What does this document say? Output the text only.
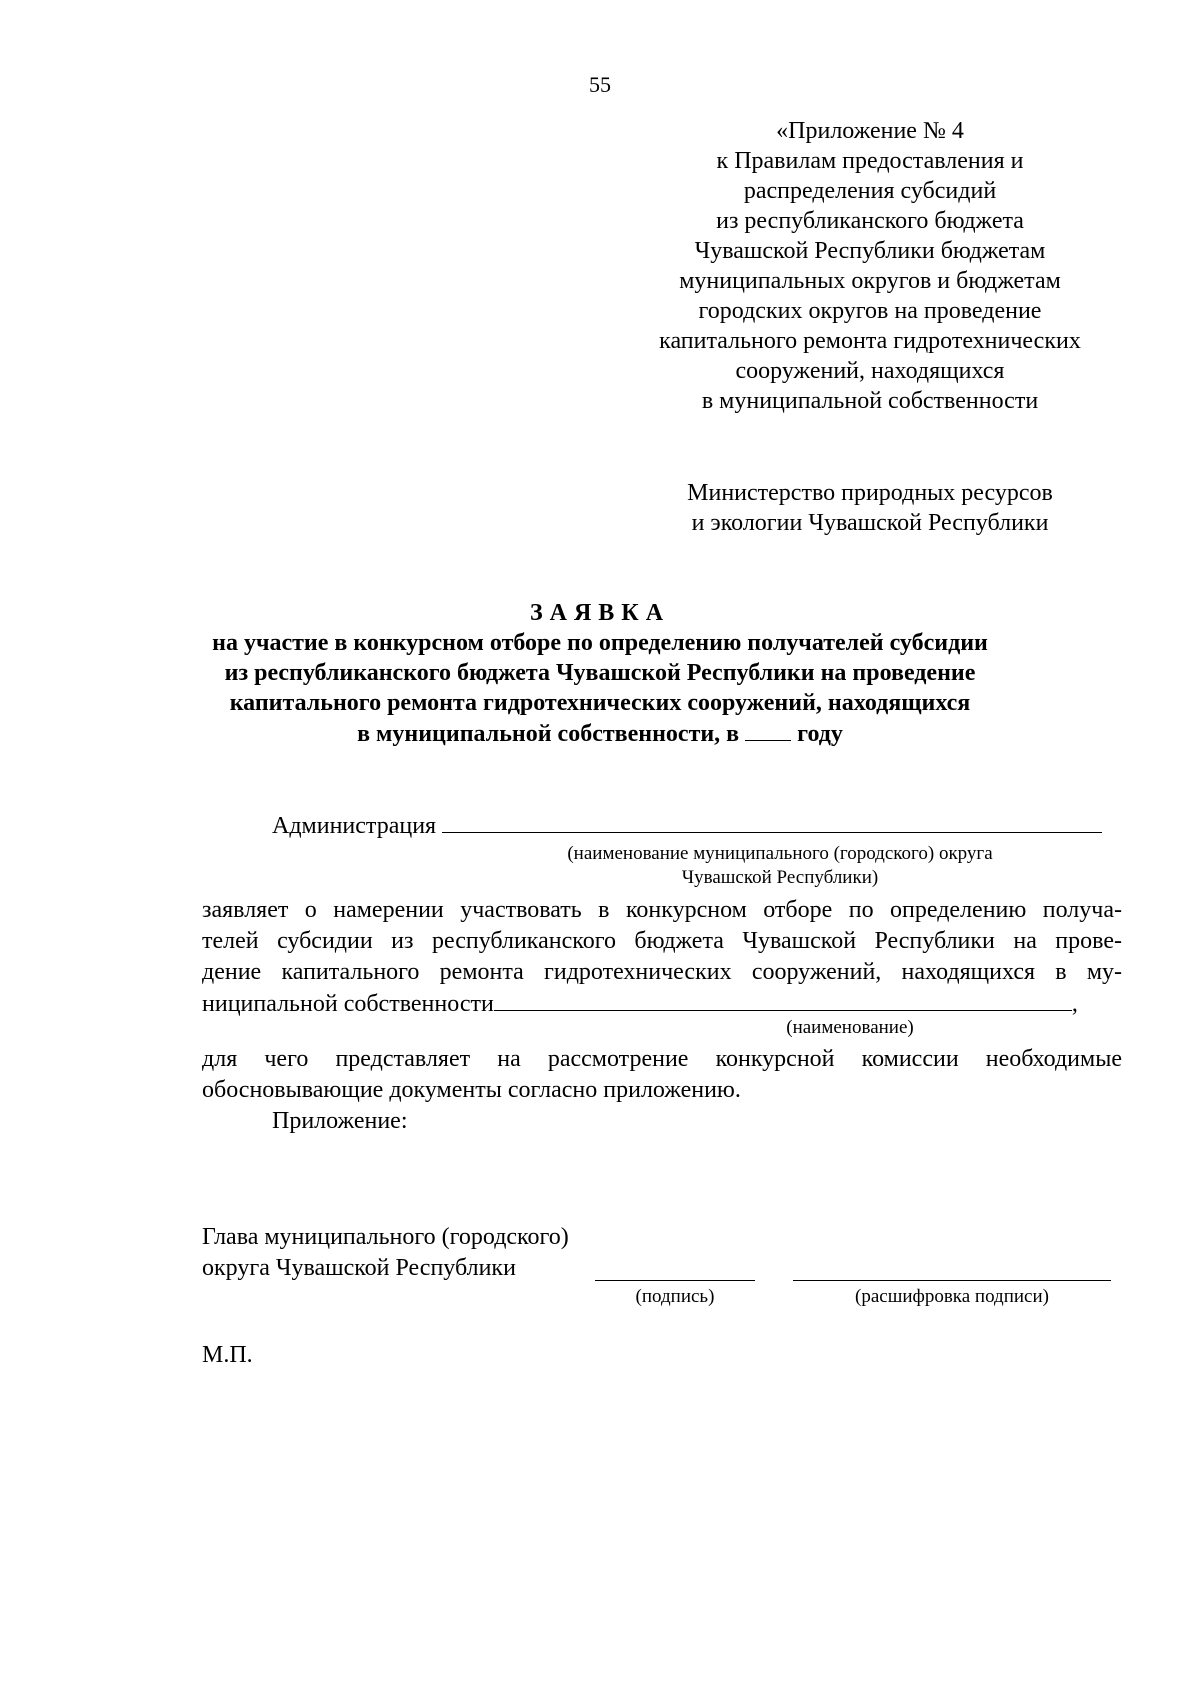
55
«Приложение № 4
к Правилам предоставления и
распределения субсидий
из республиканского бюджета
Чувашской Республики бюджетам
муниципальных округов и бюджетам
городских округов на проведение
капитального ремонта гидротехнических
сооружений, находящихся
в муниципальной собственности
Министерство природных ресурсов
и экологии Чувашской Республики
ЗАЯВКА
на участие в конкурсном отборе по определению получателей субсидии
из республиканского бюджета Чувашской Республики на проведение
капитального ремонта гидротехнических сооружений, находящихся
в муниципальной собственности, в году
Администрация
(наименование муниципального (городского) округа
Чувашской Республики)
заявляет о намерении участвовать в конкурсном отборе по определению получа-
телей субсидии из республиканского бюджета Чувашской Республики на прове-
дение капитального ремонта гидротехнических сооружений, находящихся в му-
ниципальной собственности	,
(наименование)
для чего представляет на рассмотрение конкурсной комиссии необходимые
обосновывающие документы согласно приложению.
Приложение:
Глава муниципального (городского)
округа Чувашской Республики
(подпись)	(расшифровка подписи)
М.П.
